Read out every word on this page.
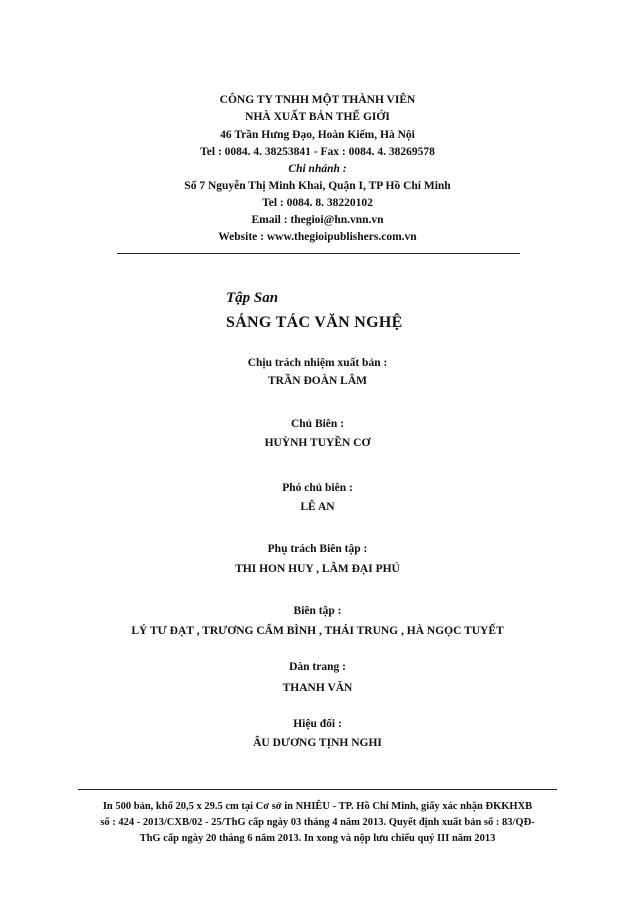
CÔNG TY TNHH MỘT THÀNH VIÊN
NHÀ XUẤT BẢN THẾ GIỚI
46 Trần Hưng Đạo, Hoàn Kiếm, Hà Nội
Tel : 0084. 4. 38253841 - Fax : 0084. 4. 38269578
Chi nhánh :
Số 7 Nguyễn Thị Minh Khai, Quận I, TP Hồ Chí Minh
Tel : 0084. 8. 38220102
Email : thegioi@hn.vnn.vn
Website : www.thegioipublishers.com.vn
Tập San
SÁNG TÁC VĂN NGHỆ
Chịu trách nhiệm xuất bản :
TRẦN ĐOÀN LÂM
Chủ Biên :
HUỲNH TUYỀN CƠ
Phó chủ biên :
LÊ AN
Phụ trách Biên tập :
THI HON HUY , LÂM ĐẠI PHÚ
Biên tập :
LÝ TƯ ĐẠT , TRƯƠNG CẨM BÌNH , THÁI TRUNG , HÀ NGỌC TUYẾT
Dàn trang :
THANH VĂN
Hiệu đối :
ÂU DƯƠNG TỊNH NGHI
In 500 bản, khổ 20,5 x 29.5 cm tại Cơ sở in NHIÊU - TP. Hồ Chí Minh, giấy xác nhận ĐKKHXB
số : 424 - 2013/CXB/02 - 25/ThG cấp ngày 03 tháng 4 năm 2013. Quyết định xuất bản số : 83/QĐ-
ThG cấp ngày 20 tháng 6 năm 2013. In xong và nộp lưu chiểu quý III năm 2013
